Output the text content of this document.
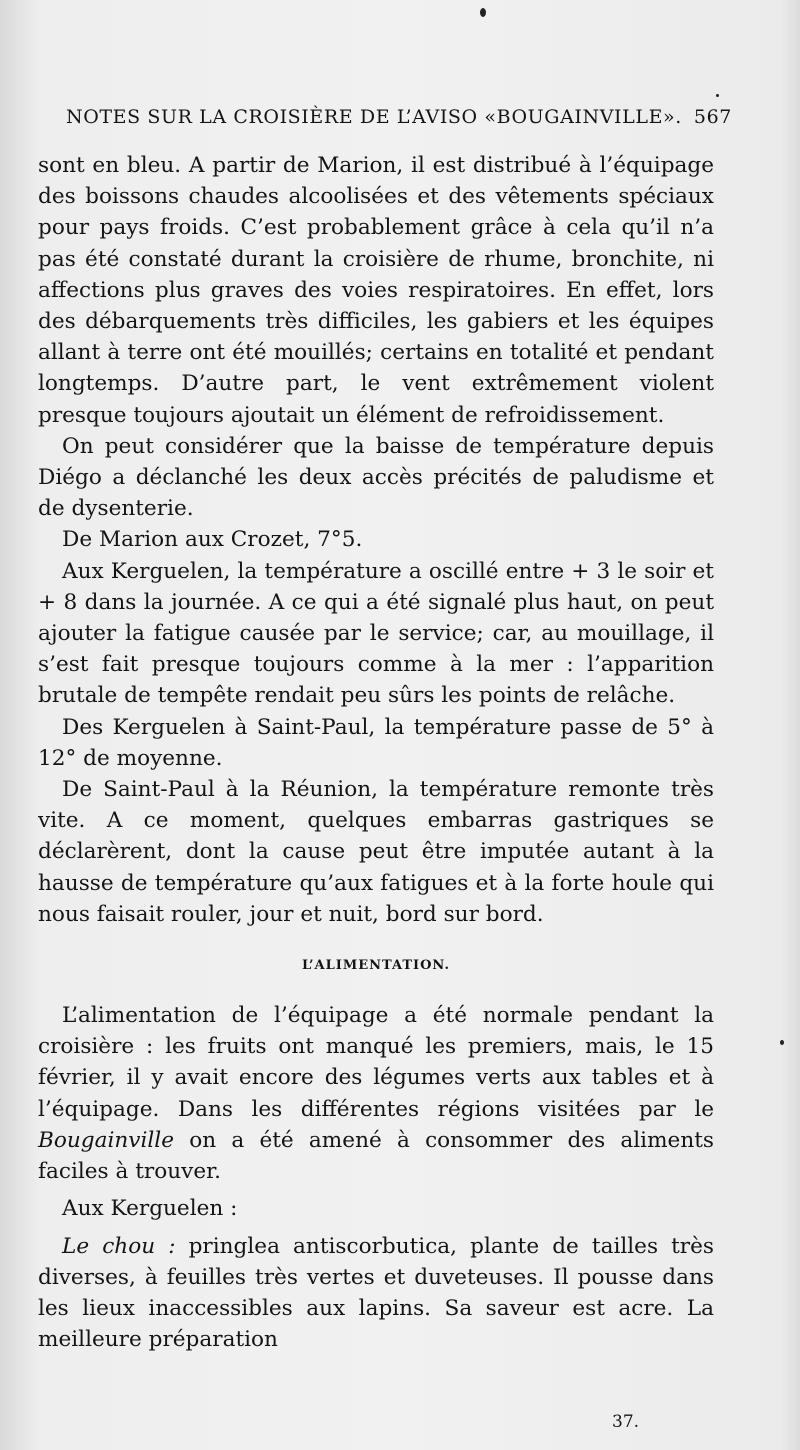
NOTES SUR LA CROISIÈRE DE L’AVISO «BOUGAINVILLE». 567

sont en bleu. A partir de Marion, il est distribué à l’équipage des boissons chaudes alcoolisées et des vêtements spéciaux pour pays froids. C’est probablement grâce à cela qu’il n’a pas été constaté durant la croisière de rhume, bronchite, ni affections plus graves des voies respiratoires. En effet, lors des débarquements très difficiles, les gabiers et les équipes allant à terre ont été mouillés; certains en totalité et pendant longtemps. D’autre part, le vent extrêmement violent presque toujours ajoutait un élément de refroidissement.

On peut considérer que la baisse de température depuis Diégo a déclanché les deux accès précités de paludisme et de dysenterie.

De Marion aux Crozet, 7°5.

Aux Kerguelen, la température a oscillé entre + 3 le soir et + 8 dans la journée. A ce qui a été signalé plus haut, on peut ajouter la fatigue causée par le service; car, au mouillage, il s’est fait presque toujours comme à la mer : l’apparition brutale de tempête rendait peu sûrs les points de relâche.

Des Kerguelen à Saint-Paul, la température passe de 5° à 12° de moyenne.

De Saint-Paul à la Réunion, la température remonte très vite. A ce moment, quelques embarras gastriques se déclarèrent, dont la cause peut être imputée autant à la hausse de température qu’aux fatigues et à la forte houle qui nous faisait rouler, jour et nuit, bord sur bord.

L’ALIMENTATION.

L’alimentation de l’équipage a été normale pendant la croisière : les fruits ont manqué les premiers, mais, le 15 février, il y avait encore des légumes verts aux tables et à l’équipage. Dans les différentes régions visitées par le Bougainville on a été amené à consommer des aliments faciles à trouver.

Aux Kerguelen :

Le chou : pringlea antiscorbutica, plante de tailles très diverses, à feuilles très vertes et duveteuses. Il pousse dans les lieux inaccessibles aux lapins. Sa saveur est acre. La meilleure préparation

37.
